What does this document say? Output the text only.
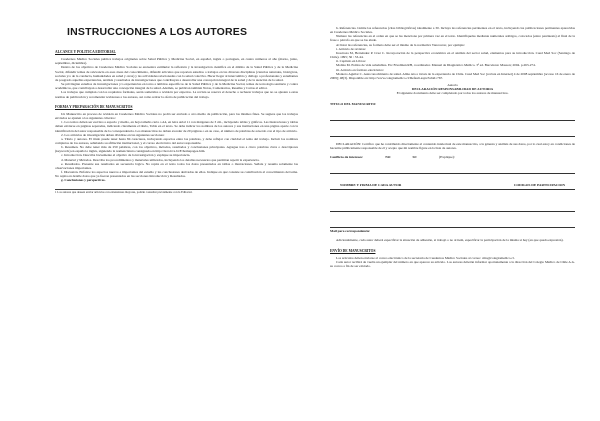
INSTRUCCIONES A LOS AUTORES

ALCANCE Y POLITICA EDITORIAL

Cuadernos Médico Sociales publica trabajos originales sobre Salud Pública y Medicina Social, en español, inglés o portugués, en cuatro números al año (marzo, junio, septiembre, diciembre).

Dentro de los objetivos de Cuadernos Médico Sociales se encuentra estimular la reflexión y la investigación científica en el ámbito de la Salud Pública y de la Medicina Social, difundir temas de relevancia en esas áreas del conocimiento, difundir artículos que reporten estudios o trabajos en las diversas disciplinas (ciencias naturales, biológicas, sociales y/o de la conducta, humanidades en salud y otras) y las actividades relacionadas con la salud colectiva. Hacer llegar al intercambio y diálogo a profesionales y estudiantes de posgrado aquellas experiencias, análisis y resultados de investigaciones que contribuyan a desarrollar una concepción integral de la salud y de la atención de la salud.

Se privilegian estudios de investigaciones y/o experiencias en torno a ámbitos específicos de la Salud Pública y de la Medicina Social, temas de tecnología sanitaria y contra académicos, que contribuyan a desarrollar una concepción integral de la salud. Además, se publican también Notas, Comentarios, Reseñas y Cartas al editor.

Los trabajos que cumplan con los requisitos formales, serán sometidos a revisión por expertos. La revista se reserva el derecho a rechazar trabajos que no se ajusten a estas normas de publicación y recomendar revisiones a los autores, así como retirar la oferta de publicación del trabajo.

FORMA Y PREPARACIÓN DE MANUSCRITOS

Un Manuscrito en proceso de revisión en Cuadernos Médico Sociales no podrá ser enviado a otro medio de publicación, para los mismos fines. Se sugiere que los trabajos enviados se ajusten a los siguientes criterios:

1. Los textos deben ser escritos a espacio y medio, en hoja tamaño carta o A4, en letra Arial 11 con márgenes de 3 cm., incluyendo tablas y gráficos. Las ilustraciones y tablas deben enviarse en páginas separadas, indicando claramente el título, Tabla en el texto. Se debe indicar los nombres de los autores y sus instituciones en una página aparte con la identificación del autor responsable de la correspondencia. Los manuscritos no deben exceder de 20 páginas o en su caso, el número de palabras de acuerdo con el tipo de artículo.

2. Los artículos de investigación deben dividirse en las siguientes secciones:

a. Título y autores. El título puede tener hasta 84 caracteres, incluyendo espacios entre las palabras, y debe reflejar con claridad el tema del trabajo. Incluir los nombres completos de los autores, señalando su afiliación institucional, y el correo electrónico del autor responsable.

b. Resumen. No debe tener más de 250 palabras, con los objetivos, métodos, resultados y conclusiones principales. Agregue tres a cinco palabras clave o descriptores (keywords) en español e inglés, siguiendo la nomenclatura consignada en http://decs.bvs.br/E/homepagee.htm.

c. Introducción. Describa brevemente el objetivo de la investigación y explique su importancia.

d. Material y Métodos. Describa los procedimientos y materiales utilizados, incluyendo los detalles necesarios que permitan repetir la experiencia.

e. Resultados. Presente sus resultados en secuencia lógica. No repita en el texto todos los datos presentados en tablas o ilustraciones. Señale y resuma solamente las observaciones importantes.

f. Discusión. Enfatice los aspectos nuevos e importantes del estudio y las conclusiones derivadas de ellos. Indique en qué consiste su contribución al conocimiento del tema. No repita en detalle datos que ya fueron presentados en las secciones Introducción y Resultados.

g. Conclusiones y perspectivas.

1 Los autores que deseen enviar artículos con extensiones mayores, podrán consultar previamente con la Editorial.

h. Referencias. Limite las referencias (citas bibliográficas) idealmente a 30. Incluya las referencias pertinentes en el texto, incluyendo las publicaciones pertinentes aparecidas en Cuadernos Médico Sociales.

Numere las referencias en el orden en que se las menciona por primera vez en el texto. Identifíquelas mediante numerales arábigos, colocados (entre paréntesis) al final de la frase o párrafo en que se las alude.

Al listar las referencias, su formato debe ser el mismo de la normativa Vancouver, por ejemplo:

i. Artículo de revistas:

Inostroza M, Hernández P. Cruz C. Incorporación de la perspectiva económica en el análisis del sector salud, elementos para su introducción. Cuad Med Soc (Santiago de Chile). 1995; 36 : 33-44.

ii. Capítulo en Libros:

Molina M. Estilos de vida saludables. En: Friedman RH, coordinador. Manual de Diagnóstico Médico. 3ª ed. Barcelona: Masson; 2004. p.263-274.

iii. Artículo en formato electrónico:

Montero Aguilar C. Autoconocimiento de salud. Alma Ata a través de la experiencia de Chile. Cuad Med Soc [revista en Internet] 4 de 2008 septiembre [acceso 16 de enero de 2009]; 48(3). Disponible en: http://www.colegiomedico.cl/Default.aspx?tabid=767.

Autoría

DECLARACIÓN RESPONSABILIDAD DE AUTORIA

El siguiente documento debe ser completado por todos los autores de manuscritos.

TITULO DEL MANUSCRITO:

DECLARACIÓN: Certifico que he contribuido directamente al contenido intelectual de este manuscrito, a la génesis y análisis de sus datos, por lo cual estoy en condiciones de hacerme públicamente responsable de él y acepto que mi nombre figure en la lista de autores.

Conflicto de intereses:	NO	SI:	(Explique):
NOMBRE Y FIRMA DE CADA AUTOR	CODIGOS DE PARTICIPACION

Mail para correspondencia:

Adicionalmente, cada autor deberá especificar la situación de adhesión, si trabajó o no al ítem, especificar la participación de la misma si hay (en que queda expresión).

ENVÍO DE MANUSCRITOS

Los artículos deben enviarse al correo electrónico de la secretaría de Cuadernos Médico Sociales al correo: cms@colegiomedico.cl.

Cada autor recibirá de vuelta un ejemplar del número en que aparece su artículo. Los autores deberán informar oportunamente a la dirección del Colegio Médico de Chile A.G. su correo a fin de ser enviado.
